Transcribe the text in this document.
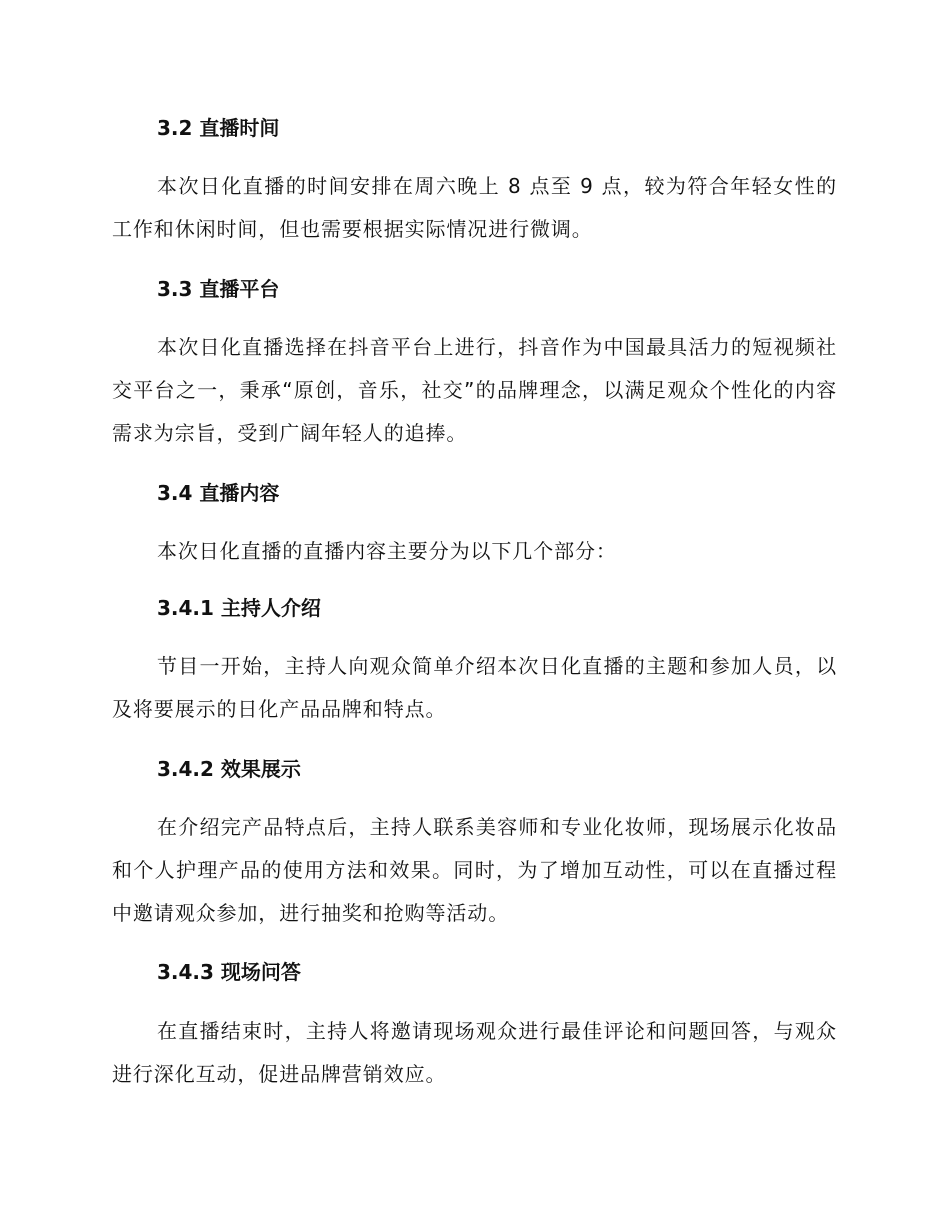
3.2 直播时间

本次日化直播的时间安排在周六晚上 8 点至 9 点，较为符合年轻女性的工作和休闲时间，但也需要根据实际情况进行微调。

3.3 直播平台

本次日化直播选择在抖音平台上进行，抖音作为中国最具活力的短视频社交平台之一，秉承“原创，音乐，社交”的品牌理念，以满足观众个性化的内容需求为宗旨，受到广阔年轻人的追捧。

3.4 直播内容

本次日化直播的直播内容主要分为以下几个部分：

3.4.1 主持人介绍

节目一开始，主持人向观众简单介绍本次日化直播的主题和参加人员，以及将要展示的日化产品品牌和特点。

3.4.2 效果展示

在介绍完产品特点后，主持人联系美容师和专业化妆师，现场展示化妆品和个人护理产品的使用方法和效果。同时，为了增加互动性，可以在直播过程中邀请观众参加，进行抽奖和抢购等活动。

3.4.3 现场问答

在直播结束时，主持人将邀请现场观众进行最佳评论和问题回答，与观众进行深化互动，促进品牌营销效应。
